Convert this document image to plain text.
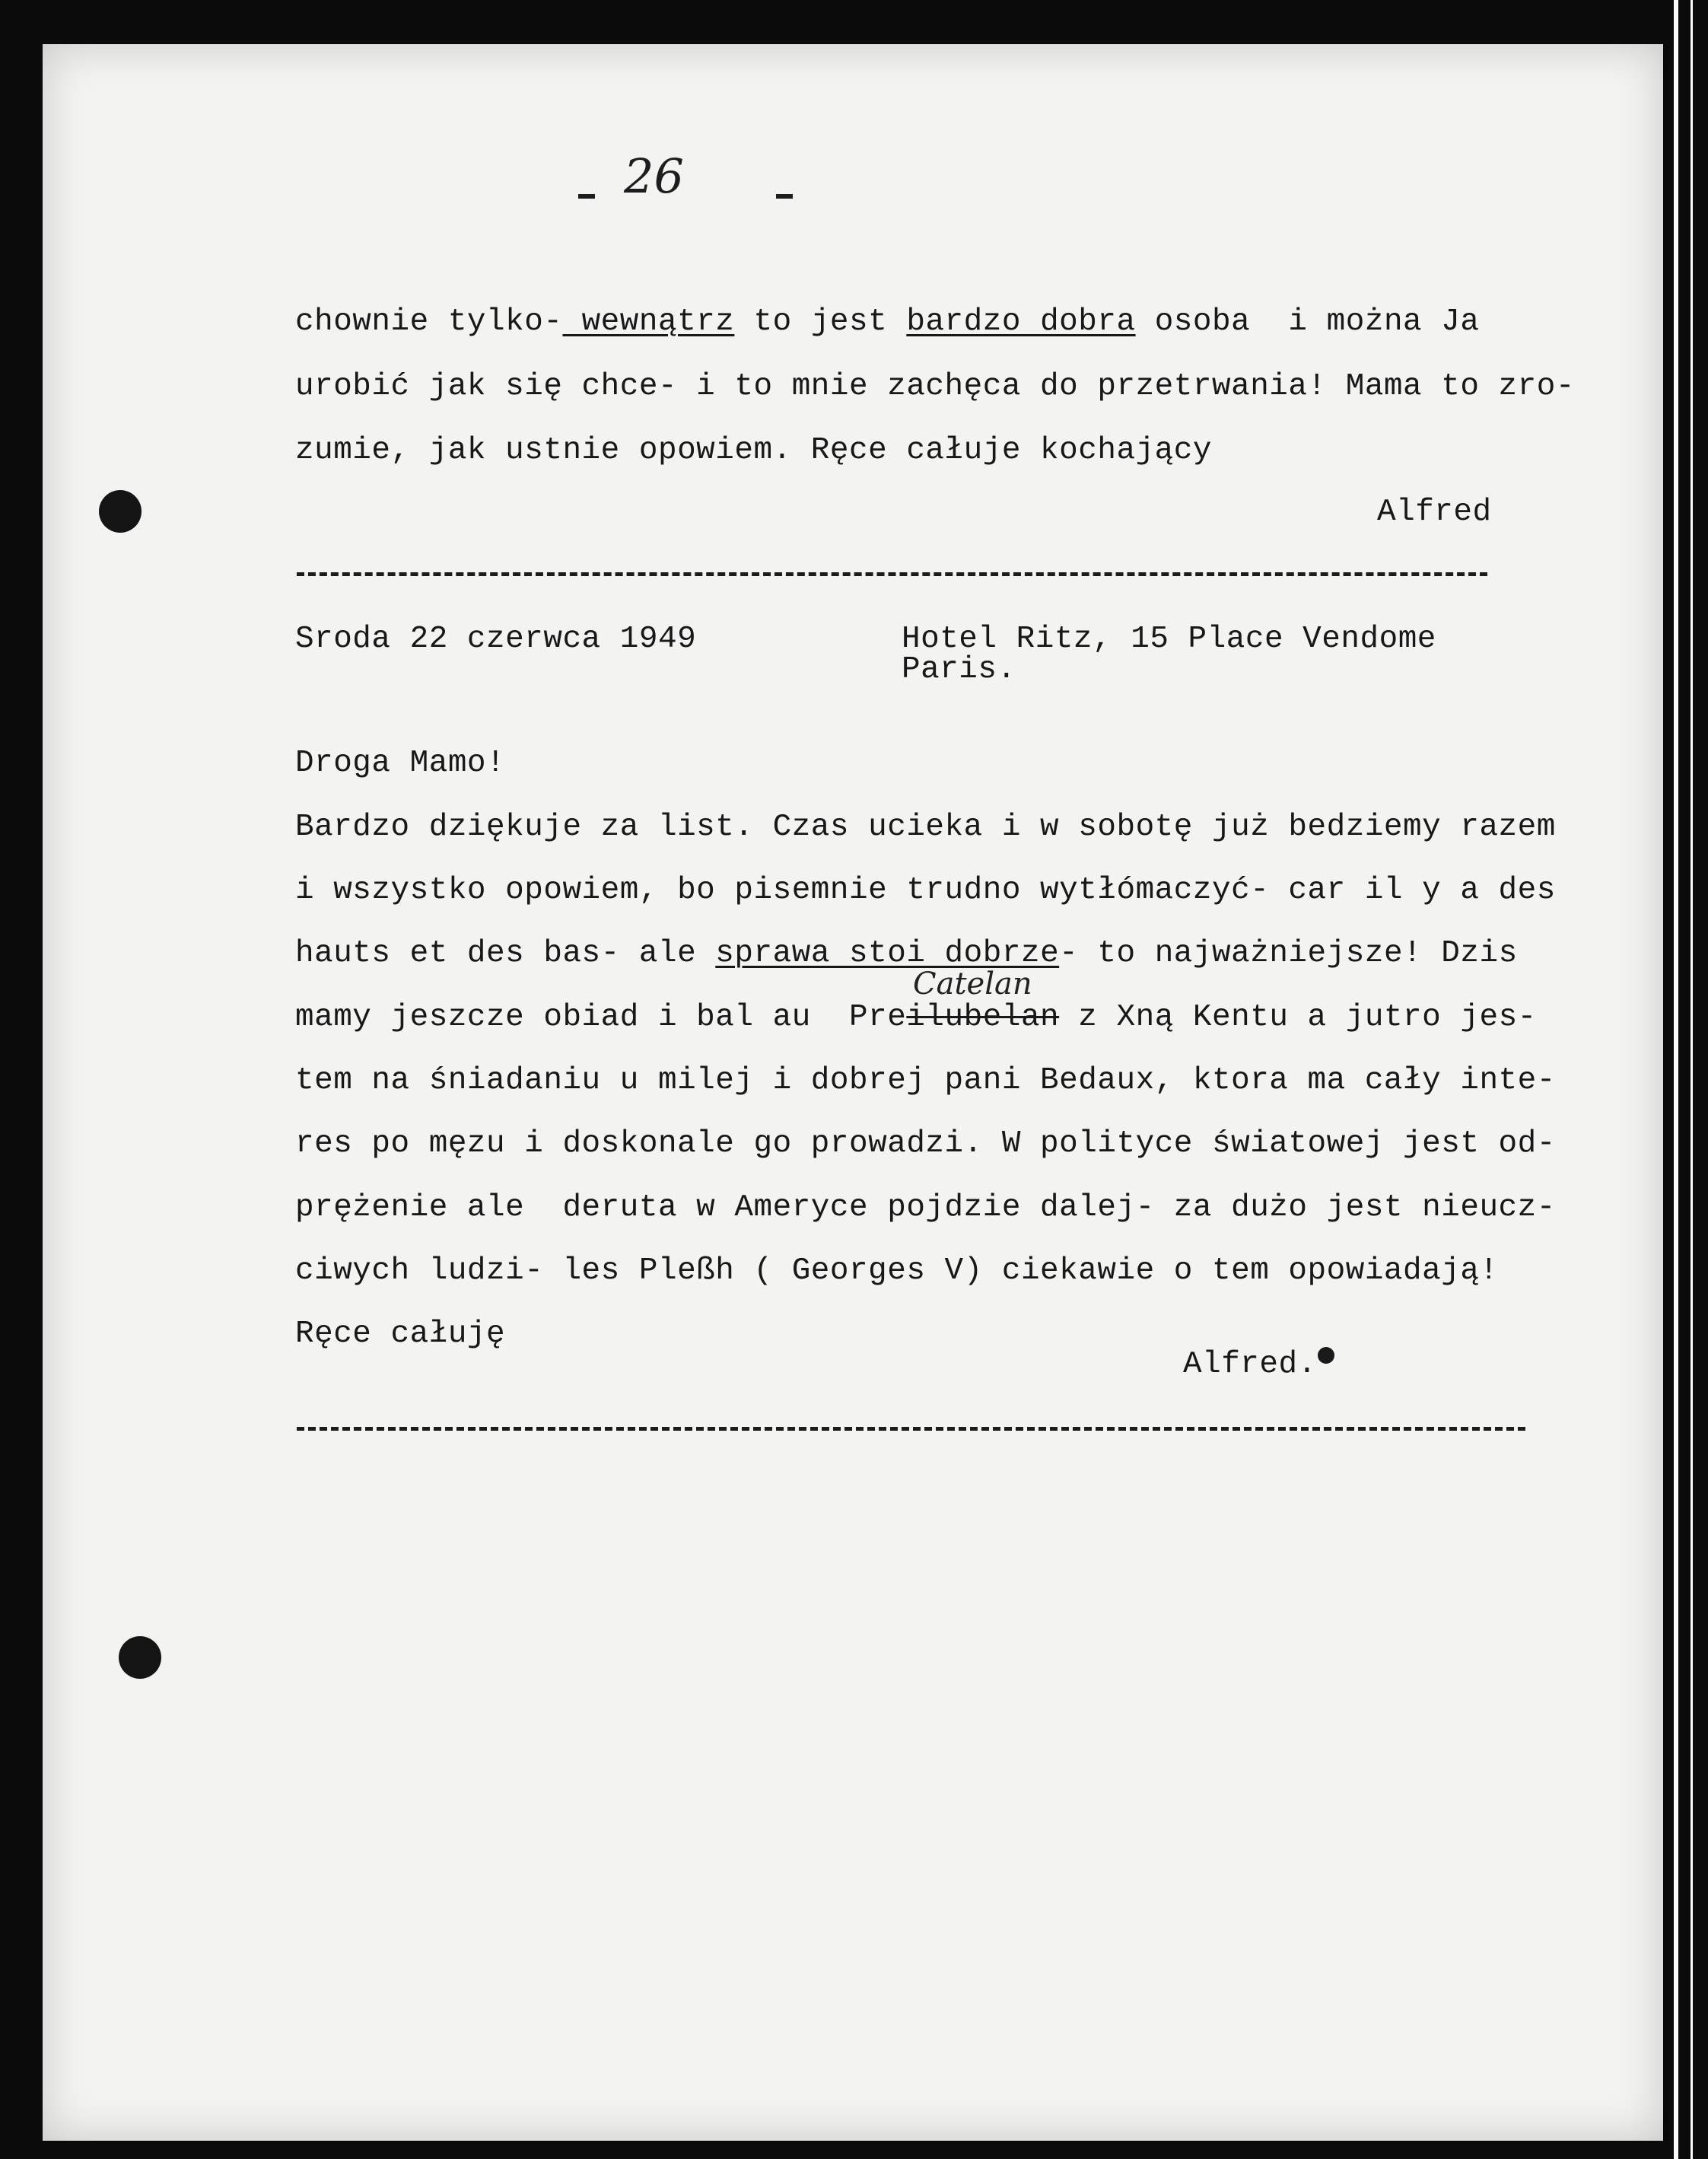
26
chownie tylko- wewnątrz to jest bardzo dobra osoba  i można Ja
urobić jak się chce- i to mnie zachęca do przetrwania! Mama to zro-
zumie, jak ustnie opowiem. Ręce całuje kochający
Alfred
Sroda 22 czerwca 1949	Hotel Ritz, 15 Place Vendome
Paris.
Droga Mamo!
Bardzo dziękuje za list. Czas ucieka i w sobotę już bedziemy razem
i wszystko opowiem, bo pisemnie trudno wytłómaczyć- car il y a des
hauts et des bas- ale sprawa stoi dobrze- to najważniejsze! Dzis
Catelan
mamy jeszcze obiad i bal au  Preilubelan z Xną Kentu a jutro jes-
tem na śniadaniu u milej i dobrej pani Bedaux, ktora ma cały inte-
res po męzu i doskonale go prowadzi. W polityce światowej jest od-
prężenie ale  deruta w Ameryce pojdzie dalej- za dużo jest nieucz-
ciwych ludzi- les Pleßh ( Georges V) ciekawie o tem opowiadają!
Ręce całuję
Alfred.
